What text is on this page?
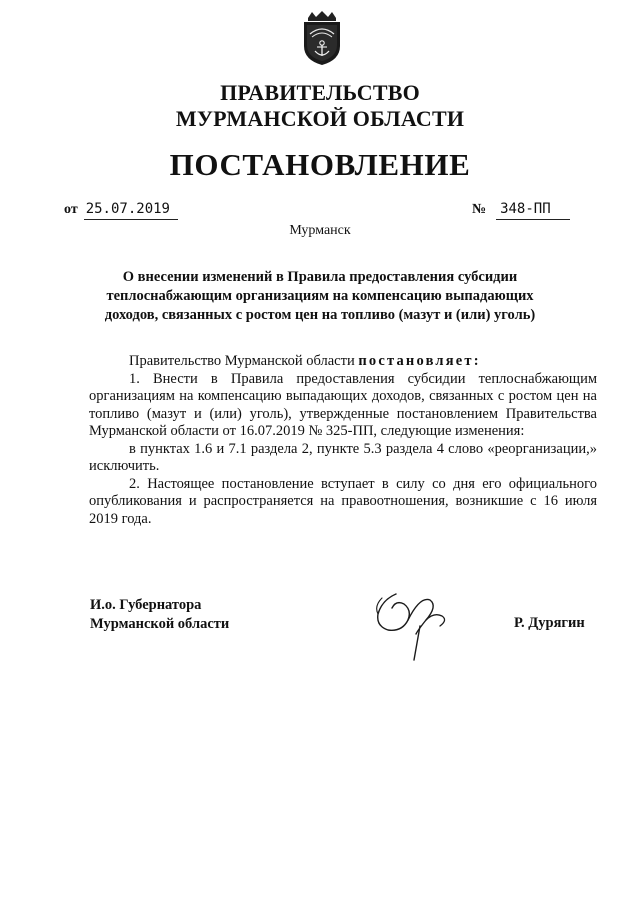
ПРАВИТЕЛЬСТВО
МУРМАНСКОЙ ОБЛАСТИ
ПОСТАНОВЛЕНИЕ
от 25.07.2019	№ 348-ПП
Мурманск
О внесении изменений в Правила предоставления субсидии
теплоснабжающим организациям на компенсацию выпадающих
доходов, связанных с ростом цен на топливо (мазут и (или) уголь)

Правительство Мурманской области постановляет:

1. Внести в Правила предоставления субсидии теплоснабжающим организациям на компенсацию выпадающих доходов, связанных с ростом цен на топливо (мазут и (или) уголь), утвержденные постановлением Правительства Мурманской области от 16.07.2019 № 325-ПП, следующие изменения:

в пунктах 1.6 и 7.1 раздела 2, пункте 5.3 раздела 4 слово «реорганизации,» исключить.

2. Настоящее постановление вступает в силу со дня его официального опубликования и распространяется на правоотношения, возникшие с 16 июля 2019 года.

И.о. Губернатора
Мурманской области	Р. Дурягин
